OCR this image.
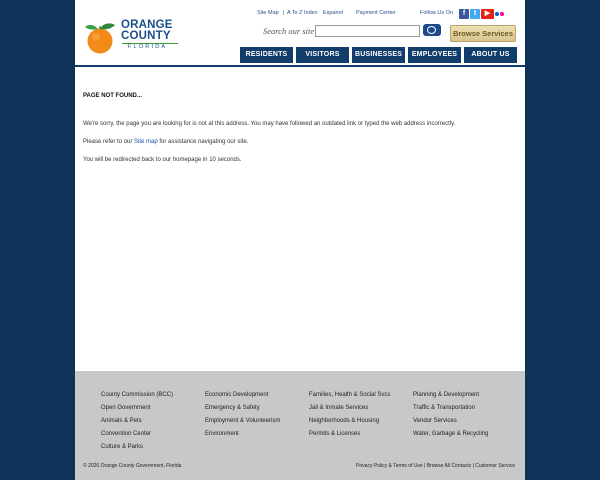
ORANGE
COUNTY
FLORIDA
Site Map | A To Z Index Espanol Payment Center	Follow Us On	f	t	▶
Search our site	Browse Services
RESIDENTS	VISITORS	BUSINESSES	EMPLOYEES	ABOUT US
PAGE NOT FOUND...
We're sorry, the page you are looking for is not at this address. You may have followed an outdated link or typed the web address incorrectly.
Please refer to our Site map for assistance navigating our site.
You will be redirected back to our homepage in 10 seconds.
County Commission (BCC)
Open Government
Animals & Pets
Convention Center
Culture & Parks
Economic Development
Emergency & Safety
Employment & Volunteerism
Environment
Families, Health & Social Svcs
Jail & Inmate Services
Neighborhoods & Housing
Permits & Licenses
Planning & Development
Traffic & Transportation
Vendor Services
Water, Garbage & Recycling
© 2026 Orange County Government, Florida	Privacy Policy & Terms of Use | Browse All Contacts | Customer Service
